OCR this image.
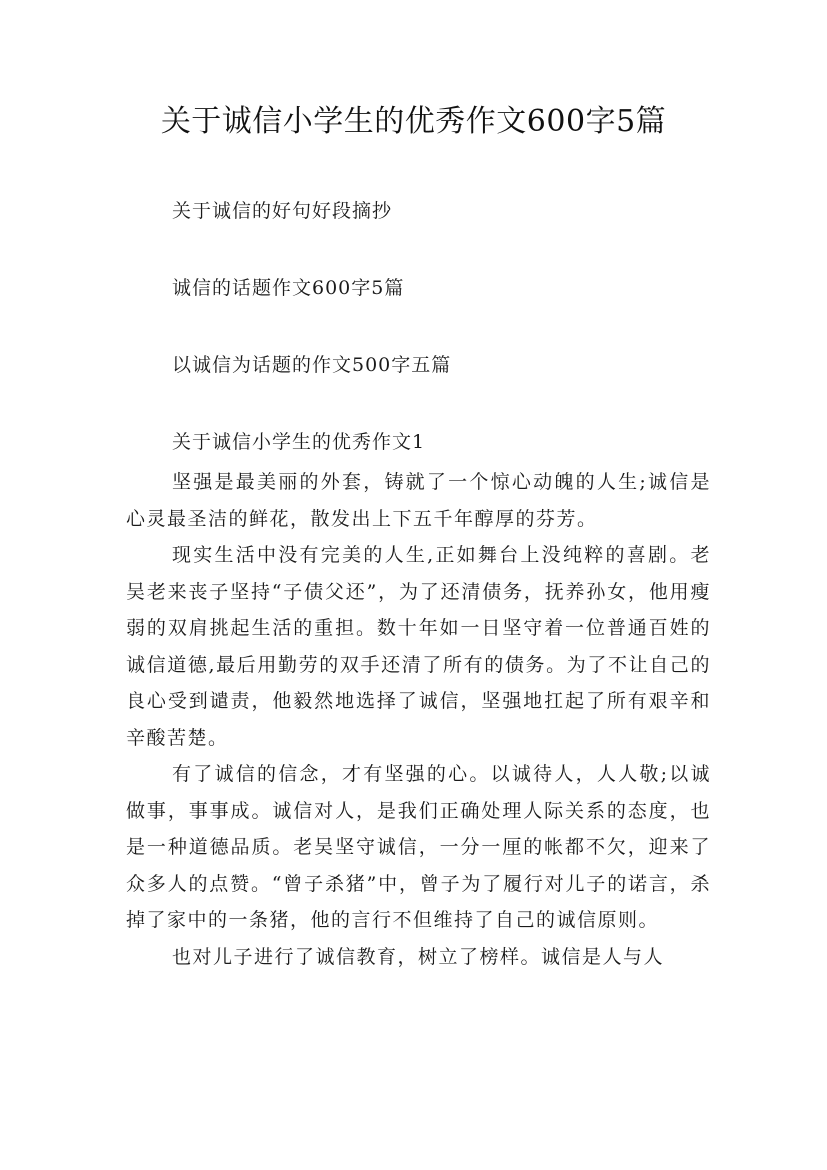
关于诚信小学生的优秀作文600字5篇
关于诚信的好句好段摘抄
诚信的话题作文600字5篇
以诚信为话题的作文500字五篇
关于诚信小学生的优秀作文1

坚强是最美丽的外套，铸就了一个惊心动魄的人生;诚信是心灵最圣洁的鲜花，散发出上下五千年醇厚的芬芳。

现实生活中没有完美的人生,正如舞台上没纯粹的喜剧。老吴老来丧子坚持“子债父还”，为了还清债务，抚养孙女，他用瘦弱的双肩挑起生活的重担。数十年如一日坚守着一位普通百姓的诚信道德,最后用勤劳的双手还清了所有的债务。为了不让自己的良心受到谴责，他毅然地选择了诚信，坚强地扛起了所有艰辛和辛酸苦楚。

有了诚信的信念，才有坚强的心。以诚待人，人人敬;以诚做事，事事成。诚信对人，是我们正确处理人际关系的态度，也是一种道德品质。老吴坚守诚信，一分一厘的帐都不欠，迎来了众多人的点赞。“曾子杀猪”中，曾子为了履行对儿子的诺言，杀掉了家中的一条猪，他的言行不但维持了自己的诚信原则。

也对儿子进行了诚信教育，树立了榜样。诚信是人与人
